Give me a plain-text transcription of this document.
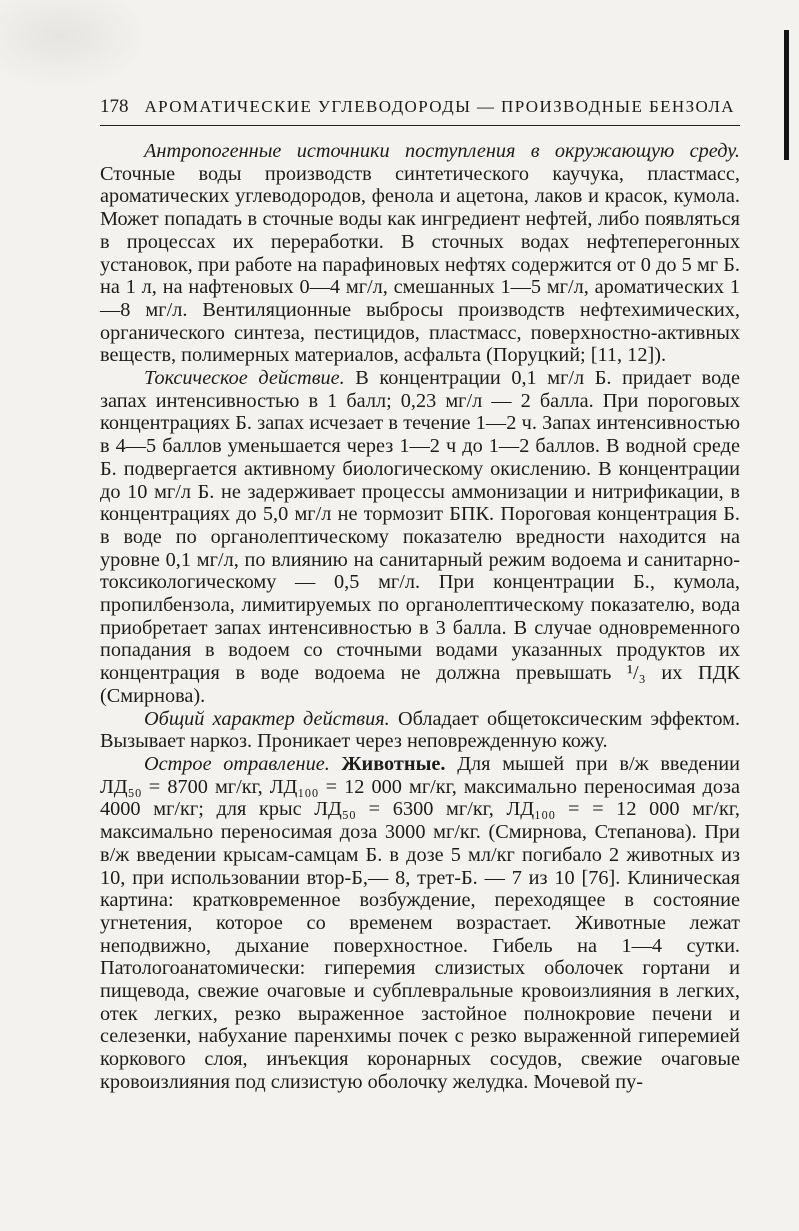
178 АРОМАТИЧЕСКИЕ УГЛЕВОДОРОДЫ — ПРОИЗВОДНЫЕ БЕНЗОЛА

Антропогенные источники поступления в окружающую среду. Сточные воды производств синтетического каучука, пластмасс, ароматических углеводородов, фенола и ацетона, лаков и красок, кумола. Может попадать в сточные воды как ингредиент нефтей, либо появляться в процессах их переработки. В сточных водах нефтеперегонных установок, при работе на парафиновых нефтях содержится от 0 до 5 мг Б. на 1 л, на нафтеновых 0—4 мг/л, смешанных 1—5 мг/л, ароматических 1—8 мг/л. Вентиляционные выбросы производств нефтехимических, органического синтеза, пестицидов, пластмасс, поверхностно-активных веществ, полимерных материалов, асфальта (Поруцкий; [11, 12]).

Токсическое действие. В концентрации 0,1 мг/л Б. придает воде запах интенсивностью в 1 балл; 0,23 мг/л — 2 балла. При пороговых концентрациях Б. запах исчезает в течение 1—2 ч. Запах интенсивностью в 4—5 баллов уменьшается через 1—2 ч до 1—2 баллов. В водной среде Б. подвергается активному биологическому окислению. В концентрации до 10 мг/л Б. не задерживает процессы аммонизации и нитрификации, в концентрациях до 5,0 мг/л не тормозит БПК. Пороговая концентрация Б. в воде по органолептическому показателю вредности находится на уровне 0,1 мг/л, по влиянию на санитарный режим водоема и санитарно-токсикологическому — 0,5 мг/л. При концентрации Б., кумола, пропилбензола, лимитируемых по органолептическому показателю, вода приобретает запах интенсивностью в 3 балла. В случае одновременного попадания в водоем со сточными водами указанных продуктов их концентрация в воде водоема не должна превышать ¹/₃ их ПДК (Смирнова).

Общий характер действия. Обладает общетоксическим эффектом. Вызывает наркоз. Проникает через неповрежденную кожу.

Острое отравление. Животные. Для мышей при в/ж введении ЛД₅₀ = 8700 мг/кг, ЛД₁₀₀ = 12 000 мг/кг, максимально переносимая доза 4000 мг/кг; для крыс ЛД₅₀ = 6300 мг/кг, ЛД₁₀₀ = = 12 000 мг/кг, максимально переносимая доза 3000 мг/кг. (Смирнова, Степанова). При в/ж введении крысам-самцам Б. в дозе 5 мл/кг погибало 2 животных из 10, при использовании втор-Б,— 8, трет-Б. — 7 из 10 [76]. Клиническая картина: кратковременное возбуждение, переходящее в состояние угнетения, которое со временем возрастает. Животные лежат неподвижно, дыхание поверхностное. Гибель на 1—4 сутки. Патологоанатомически: гиперемия слизистых оболочек гортани и пищевода, свежие очаговые и субплевральные кровоизлияния в легких, отек легких, резко выраженное застойное полнокровие печени и селезенки, набухание паренхимы почек с резко выраженной гиперемией коркового слоя, инъекция коронарных сосудов, свежие очаговые кровоизлияния под слизистую оболочку желудка. Мочевой пу-
